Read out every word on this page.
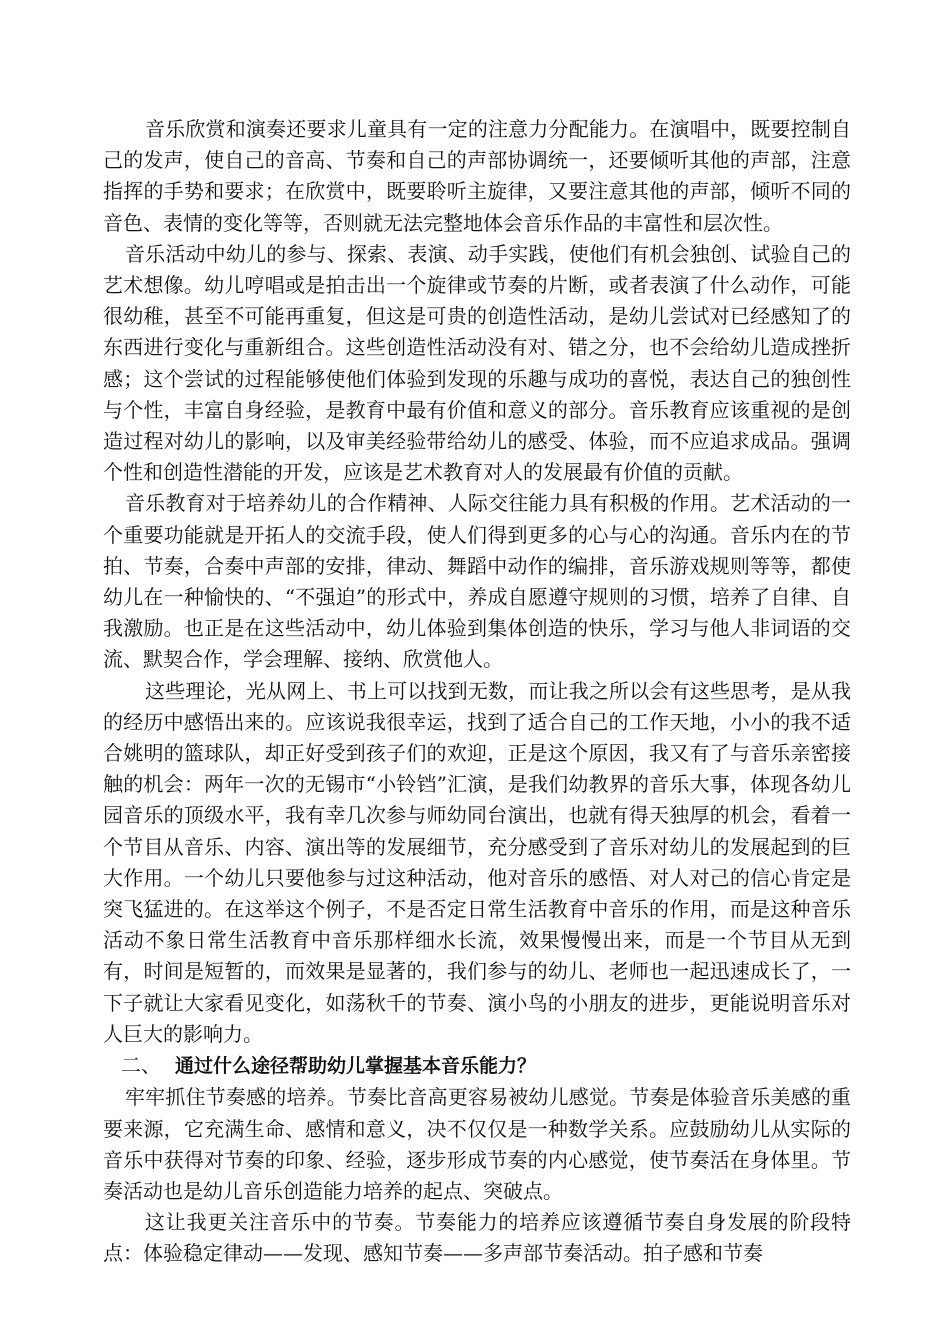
音乐欣赏和演奏还要求儿童具有一定的注意力分配能力。在演唱中，既要控制自己的发声，使自己的音高、节奏和自己的声部协调统一，还要倾听其他的声部，注意指挥的手势和要求；在欣赏中，既要聆听主旋律，又要注意其他的声部，倾听不同的音色、表情的变化等等，否则就无法完整地体会音乐作品的丰富性和层次性。

音乐活动中幼儿的参与、探索、表演、动手实践，使他们有机会独创、试验自己的艺术想像。幼儿哼唱或是拍击出一个旋律或节奏的片断，或者表演了什么动作，可能很幼稚，甚至不可能再重复，但这是可贵的创造性活动，是幼儿尝试对已经感知了的东西进行变化与重新组合。这些创造性活动没有对、错之分，也不会给幼儿造成挫折感；这个尝试的过程能够使他们体验到发现的乐趣与成功的喜悦，表达自己的独创性与个性，丰富自身经验，是教育中最有价值和意义的部分。音乐教育应该重视的是创造过程对幼儿的影响，以及审美经验带给幼儿的感受、体验，而不应追求成品。强调个性和创造性潜能的开发，应该是艺术教育对人的发展最有价值的贡献。

音乐教育对于培养幼儿的合作精神、人际交往能力具有积极的作用。艺术活动的一个重要功能就是开拓人的交流手段，使人们得到更多的心与心的沟通。音乐内在的节拍、节奏，合奏中声部的安排，律动、舞蹈中动作的编排，音乐游戏规则等等，都使幼儿在一种愉快的、“不强迫”的形式中，养成自愿遵守规则的习惯，培养了自律、自我激励。也正是在这些活动中，幼儿体验到集体创造的快乐，学习与他人非词语的交流、默契合作，学会理解、接纳、欣赏他人。

这些理论，光从网上、书上可以找到无数，而让我之所以会有这些思考，是从我的经历中感悟出来的。应该说我很幸运，找到了适合自己的工作天地，小小的我不适合姚明的篮球队，却正好受到孩子们的欢迎，正是这个原因，我又有了与音乐亲密接触的机会：两年一次的无锡市“小铃铛”汇演，是我们幼教界的音乐大事，体现各幼儿园音乐的顶级水平，我有幸几次参与师幼同台演出，也就有得天独厚的机会，看着一个节目从音乐、内容、演出等的发展细节，充分感受到了音乐对幼儿的发展起到的巨大作用。一个幼儿只要他参与过这种活动，他对音乐的感悟、对人对己的信心肯定是突飞猛进的。在这举这个例子，不是否定日常生活教育中音乐的作用，而是这种音乐活动不象日常生活教育中音乐那样细水长流，效果慢慢出来，而是一个节目从无到有，时间是短暂的，而效果是显著的，我们参与的幼儿、老师也一起迅速成长了，一下子就让大家看见变化，如荡秋千的节奏、演小鸟的小朋友的进步，更能说明音乐对人巨大的影响力。

二、 通过什么途径帮助幼儿掌握基本音乐能力？

牢牢抓住节奏感的培养。节奏比音高更容易被幼儿感觉。节奏是体验音乐美感的重要来源，它充满生命、感情和意义，决不仅仅是一种数学关系。应鼓励幼儿从实际的音乐中获得对节奏的印象、经验，逐步形成节奏的内心感觉，使节奏活在身体里。节奏活动也是幼儿音乐创造能力培养的起点、突破点。

这让我更关注音乐中的节奏。节奏能力的培养应该遵循节奏自身发展的阶段特点：体验稳定律动——发现、感知节奏——多声部节奏活动。拍子感和节奏
